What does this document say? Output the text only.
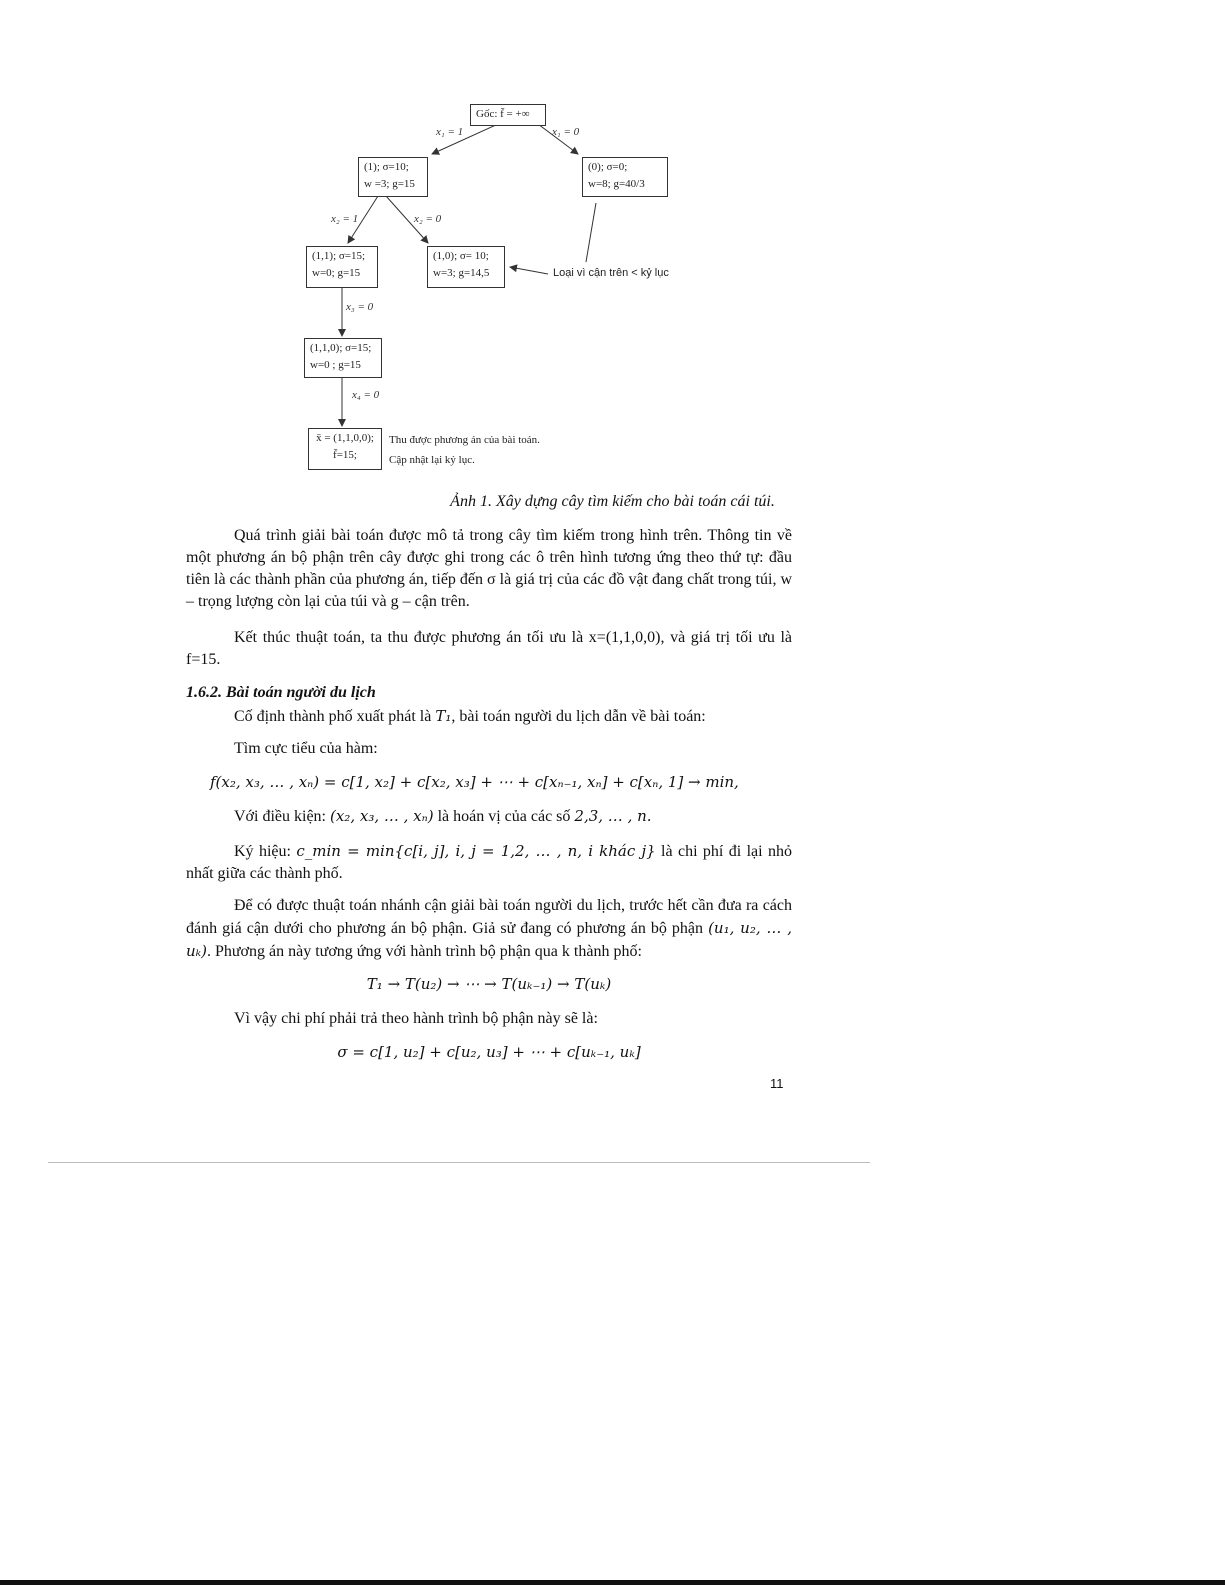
Gốc: f̄ = +∞
x₁ = 1	x₁ = 0
(1); σ=10;
w =3; g=15
(0); σ=0;
w=8; g=40/3
x₂ = 1	x₂ = 0
(1,1); σ=15;
w=0; g=15
(1,0); σ= 10;
w=3; g=14,5	Loại vì cận trên < kỷ lục
x₃ = 0
(1,1,0); σ=15;
w=0 ; g=15
x₄ = 0
x̄ = (1,1,0,0);
f̄=15;
Thu được phương án của bài toán.
Cập nhật lại kỷ lục.
Ảnh 1. Xây dựng cây tìm kiếm cho bài toán cái túi.

Quá trình giải bài toán được mô tả trong cây tìm kiếm trong hình trên. Thông tin về một phương án bộ phận trên cây được ghi trong các ô trên hình tương ứng theo thứ tự: đầu tiên là các thành phần của phương án, tiếp đến σ là giá trị của các đồ vật đang chất trong túi, w – trọng lượng còn lại của túi và g – cận trên.

Kết thúc thuật toán, ta thu được phương án tối ưu là x=(1,1,0,0), và giá trị tối ưu là f=15.

1.6.2. Bài toán người du lịch

Cố định thành phố xuất phát là T₁, bài toán người du lịch dẫn về bài toán:

Tìm cực tiểu của hàm:

f(x₂, x₃, … , xₙ) = c[1, x₂] + c[x₂, x₃] + ⋯ + c[xₙ₋₁, xₙ] + c[xₙ, 1] → min,

Với điều kiện: (x₂, x₃, … , xₙ) là hoán vị của các số 2,3, … , n.

Ký hiệu: c_min = min{c[i, j], i, j = 1,2, … , n, i khác j} là chi phí đi lại nhỏ nhất giữa các thành phố.

Để có được thuật toán nhánh cận giải bài toán người du lịch, trước hết cần đưa ra cách đánh giá cận dưới cho phương án bộ phận. Giả sử đang có phương án bộ phận (u₁, u₂, … , uₖ). Phương án này tương ứng với hành trình bộ phận qua k thành phố:

T₁ → T(u₂) → ⋯ → T(uₖ₋₁) → T(uₖ)

Vì vậy chi phí phải trả theo hành trình bộ phận này sẽ là:

σ = c[1, u₂] + c[u₂, u₃] + ⋯ + c[uₖ₋₁, uₖ]

11
